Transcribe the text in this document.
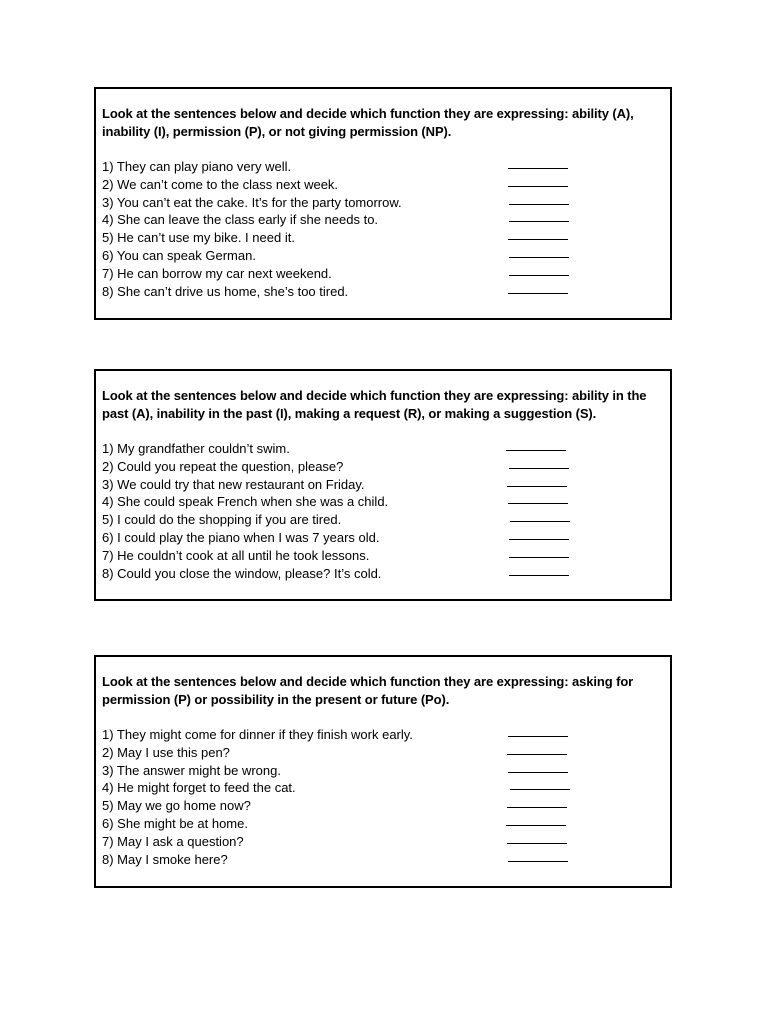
Look at the sentences below and decide which function they are expressing: ability (A), inability (I), permission (P), or not giving permission (NP).
1) They can play piano very well.
2) We can’t come to the class next week.
3) You can’t eat the cake. It’s for the party tomorrow.
4) She can leave the class early if she needs to.
5) He can’t use my bike. I need it.
6) You can speak German.
7) He can borrow my car next weekend.
8) She can’t drive us home, she’s too tired.
Look at the sentences below and decide which function they are expressing: ability in the past (A), inability in the past (I), making a request (R), or making a suggestion (S).
1) My grandfather couldn’t swim.
2) Could you repeat the question, please?
3) We could try that new restaurant on Friday.
4) She could speak French when she was a child.
5) I could do the shopping if you are tired.
6) I could play the piano when I was 7 years old.
7) He couldn’t cook at all until he took lessons.
8) Could you close the window, please? It’s cold.
Look at the sentences below and decide which function they are expressing: asking for permission (P) or possibility in the present or future (Po).
1) They might come for dinner if they finish work early.
2) May I use this pen?
3) The answer might be wrong.
4) He might forget to feed the cat.
5) May we go home now?
6) She might be at home.
7) May I ask a question?
8) May I smoke here?
